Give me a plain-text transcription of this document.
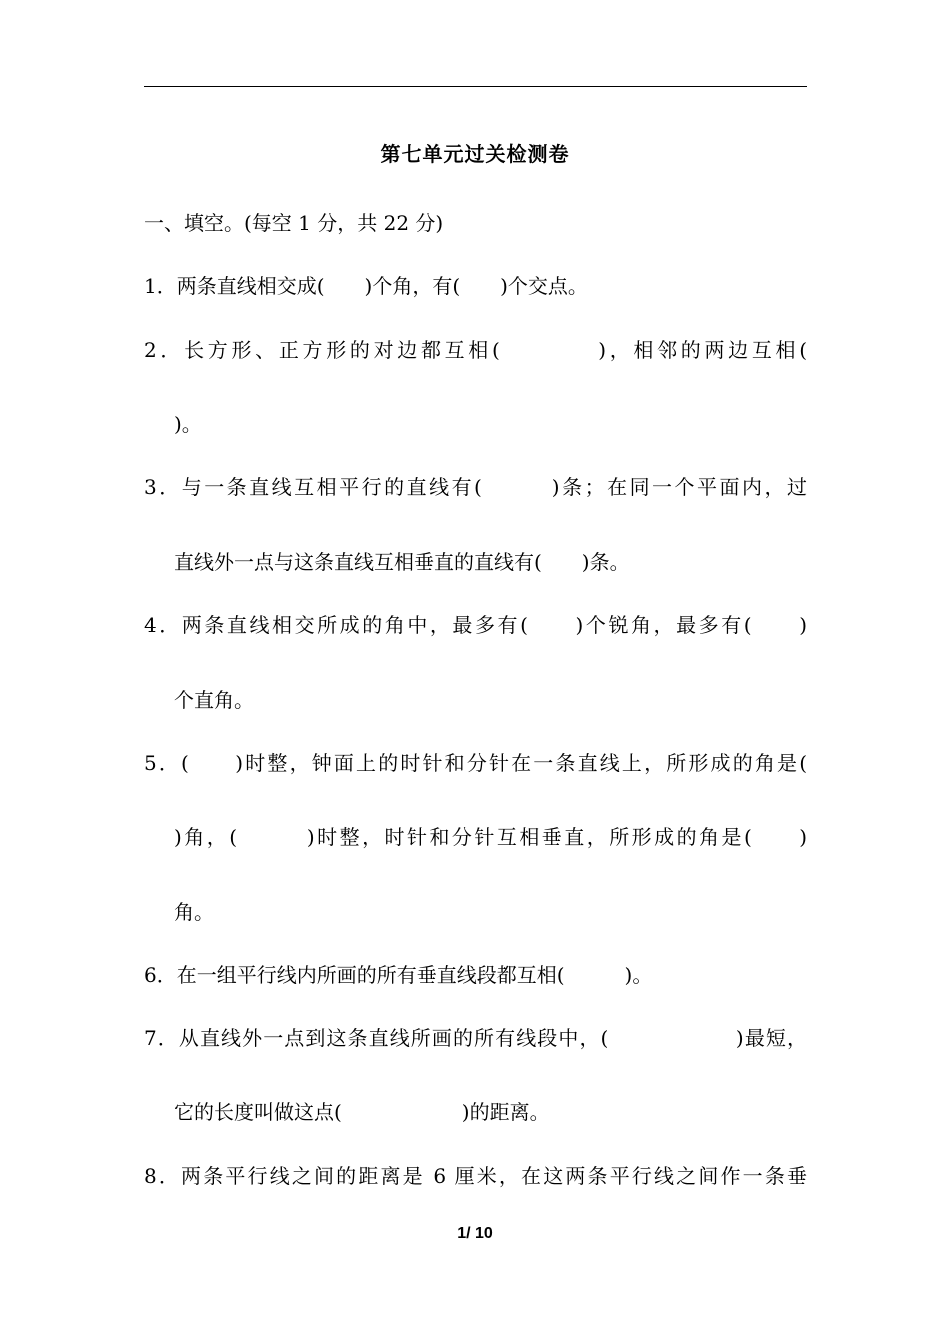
第七单元过关检测卷
一、填空。(每空 1 分，共 22 分)
1．两条直线相交成(　　)个角，有(　　)个交点。
2．长方形、正方形的对边都互相(　　　　)，相邻的两边互相(
)。
3．与一条直线互相平行的直线有(　　　)条；在同一个平面内，过
直线外一点与这条直线互相垂直的直线有(　　)条。
4．两条直线相交所成的角中，最多有(　　)个锐角，最多有(　　)
个直角。
5．(　　)时整，钟面上的时针和分针在一条直线上，所形成的角是(
)角，(　　　)时整，时针和分针互相垂直，所形成的角是(　　)
角。
6．在一组平行线内所画的所有垂直线段都互相(　　　)。
7．从直线外一点到这条直线所画的所有线段中，(　　　　　　)最短，
它的长度叫做这点(　　　　　　)的距离。
8．两条平行线之间的距离是 6 厘米，在这两条平行线之间作一条垂
1/ 10
